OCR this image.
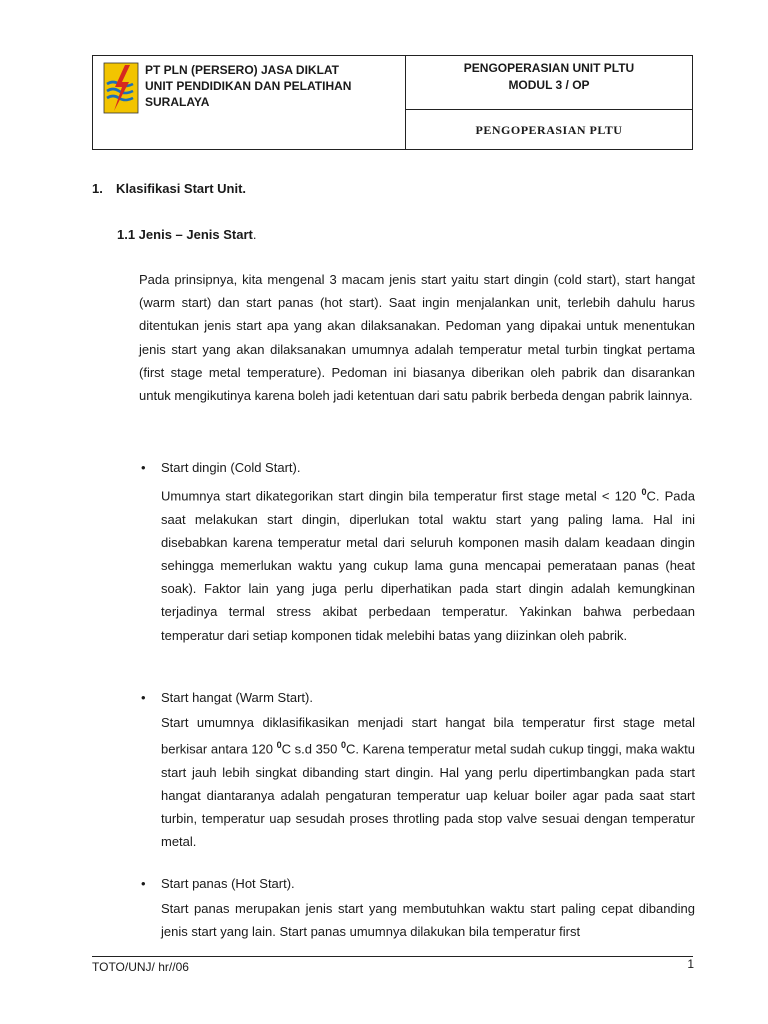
PT PLN (PERSERO) JASA DIKLAT
UNIT PENDIDIKAN DAN PELATIHAN
SURALAYA
PENGOPERASIAN UNIT PLTU
MODUL 3 / OP
PENGOPERASIAN PLTU
1. Klasifikasi Start Unit.
1.1 Jenis – Jenis Start.
Pada prinsipnya, kita mengenal 3 macam jenis start yaitu start dingin (cold start), start hangat (warm start) dan start panas (hot start). Saat ingin menjalankan unit, terlebih dahulu harus ditentukan jenis start apa yang akan dilaksanakan. Pedoman yang dipakai untuk menentukan jenis start yang akan dilaksanakan umumnya adalah temperatur metal turbin tingkat pertama (first stage metal temperature). Pedoman ini biasanya diberikan oleh pabrik dan disarankan untuk mengikutinya karena boleh jadi ketentuan dari satu pabrik berbeda dengan pabrik lainnya.
• Start dingin (Cold Start).
Umumnya start dikategorikan start dingin bila temperatur first stage metal < 120 $^0$C. Pada saat melakukan start dingin, diperlukan total waktu start yang paling lama. Hal ini disebabkan karena temperatur metal dari seluruh komponen masih dalam keadaan dingin sehingga memerlukan waktu yang cukup lama guna mencapai pemerataan panas (heat soak). Faktor lain yang juga perlu diperhatikan pada start dingin adalah kemungkinan terjadinya termal stress akibat perbedaan temperatur. Yakinkan bahwa perbedaan temperatur dari setiap komponen tidak melebihi batas yang diizinkan oleh pabrik.
• Start hangat (Warm Start).
Start umumnya diklasifikasikan menjadi start hangat bila temperatur first stage metal berkisar antara 120 $^0$C s.d 350 $^0$C. Karena temperatur metal sudah cukup tinggi, maka waktu start jauh lebih singkat dibanding start dingin. Hal yang perlu dipertimbangkan pada start hangat diantaranya adalah pengaturan temperatur uap keluar boiler agar pada saat start turbin, temperatur uap sesudah proses throtling pada stop valve sesuai dengan temperatur metal.
• Start panas (Hot Start).
Start panas merupakan jenis start yang membutuhkan waktu start paling cepat dibanding jenis start yang lain. Start panas umumnya dilakukan bila temperatur first
TOTO/UNJ/ hr//06	1
